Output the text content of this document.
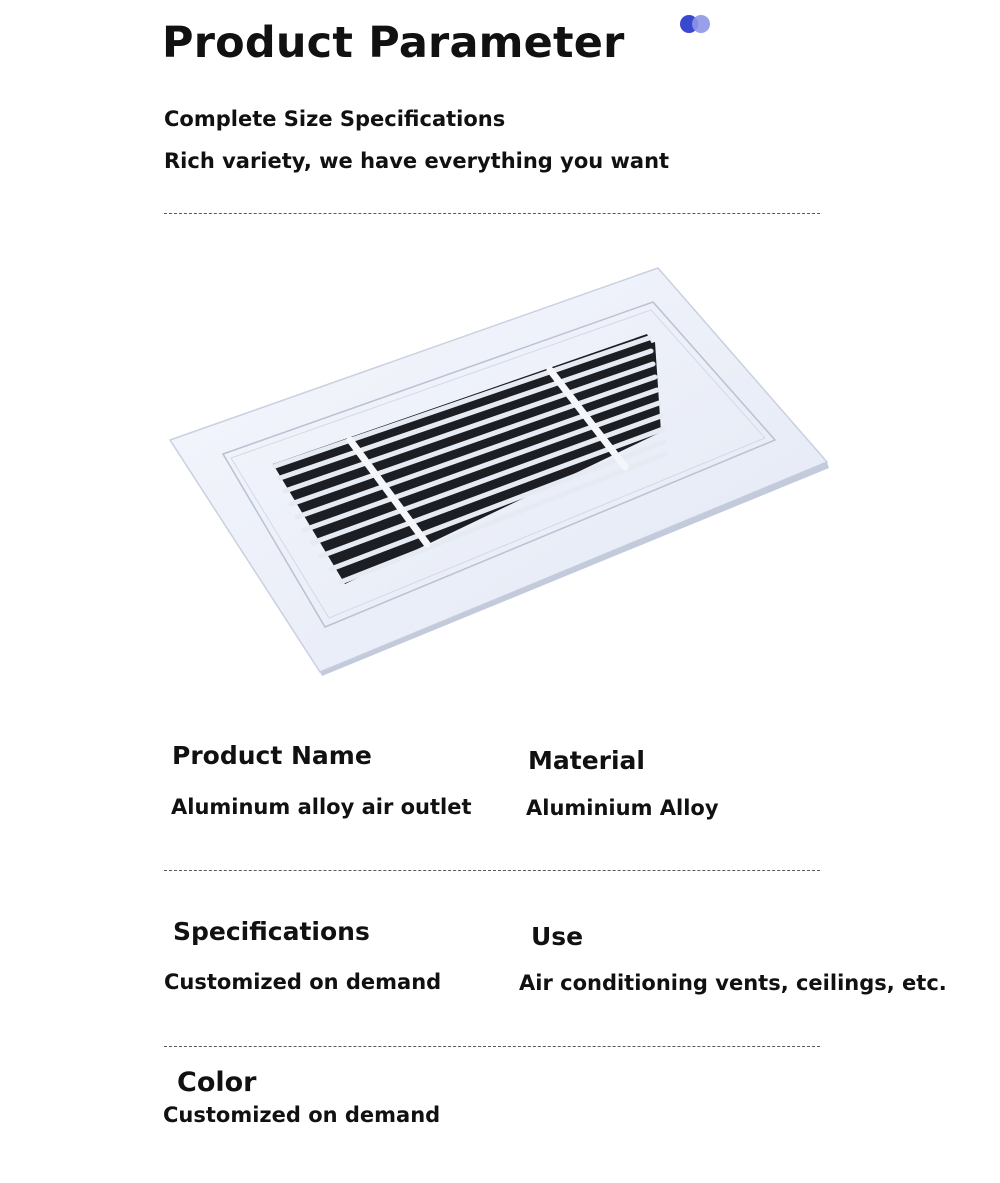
Product Parameter
Complete Size Specifications
Rich variety, we have everything you want
Product Name	Material
Aluminum alloy air outlet	Aluminium Alloy
Specifications	Use
Customized on demand	Air conditioning vents, ceilings, etc.
Color
Customized on demand
